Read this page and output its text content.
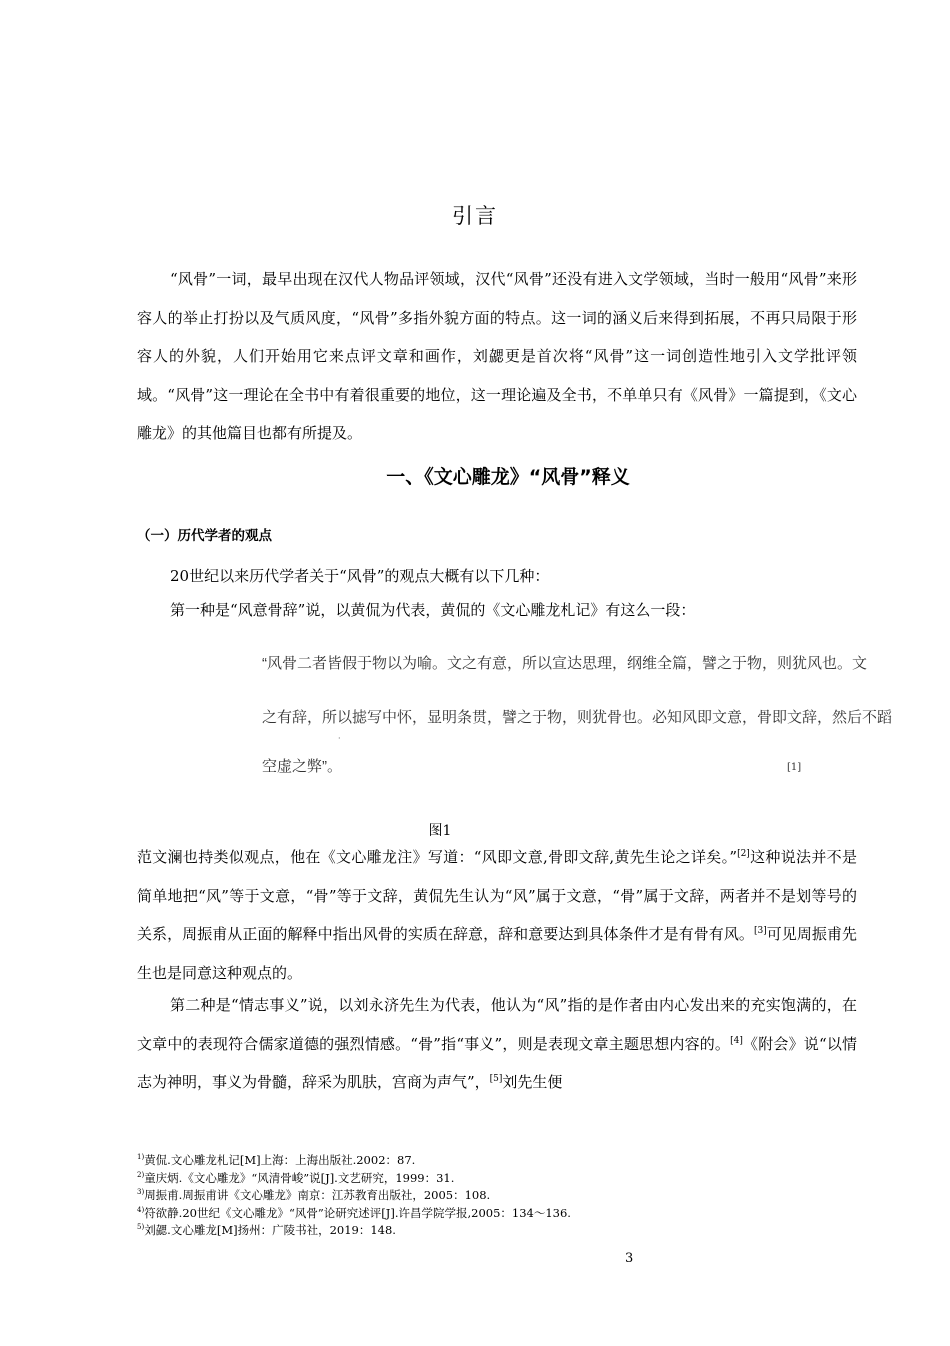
引言
“风骨”一词，最早出现在汉代人物品评领域，汉代“风骨”还没有进入文学领域，当时一般用“风骨”来形容人的举止打扮以及气质风度，“风骨”多指外貌方面的特点。这一词的涵义后来得到拓展，不再只局限于形容人的外貌，人们开始用它来点评文章和画作，刘勰更是首次将“风骨”这一词创造性地引入文学批评领域。“风骨”这一理论在全书中有着很重要的地位，这一理论遍及全书，不单单只有《风骨》一篇提到，《文心雕龙》的其他篇目也都有所提及。
一、《文心雕龙》“风骨”释义
（一）历代学者的观点
20世纪以来历代学者关于“风骨”的观点大概有以下几种：
第一种是“风意骨辞”说，以黄侃为代表，黄侃的《文心雕龙札记》有这么一段：
“风骨二者皆假于物以为喻。文之有意，所以宣达思理，纲维全篇，譬之于物，则犹风也。文
之有辞，所以摅写中怀，显明条贯，譬之于物，则犹骨也。必知风即文意，骨即文辞，然后不蹈
空虚之弊”。
·
[1]
图1
范文澜也持类似观点，他在《文心雕龙注》写道：“风即文意,骨即文辞,黄先生论之详矣。”[2]这种说法并不是简单地把“风”等于文意，“骨”等于文辞，黄侃先生认为“风”属于文意，“骨”属于文辞，两者并不是划等号的关系，周振甫从正面的解释中指出风骨的实质在辞意，辞和意要达到具体条件才是有骨有风。[3]可见周振甫先生也是同意这种观点的。
第二种是“情志事义”说，以刘永济先生为代表，他认为“风”指的是作者由内心发出来的充实饱满的，在文章中的表现符合儒家道德的强烈情感。“骨”指“事义”，则是表现文章主题思想内容的。[4]《附会》说“以情志为神明，事义为骨髓，辞采为肌肤，宫商为声气”，[5]刘先生便
$^{1)}$黄侃.文心雕龙札记[M]上海：上海出版社.2002：87.
$^{2)}$童庆炳.《文心雕龙》“风清骨峻”说[J].文艺研究，1999：31.
$^{3)}$周振甫.周振甫讲《文心雕龙》南京：江苏教育出版社，2005：108.
$^{4)}$符欲静.20世纪《文心雕龙》“风骨”论研究述评[J].许昌学院学报,2005：134～136.
$^{5)}$刘勰.文心雕龙[M]扬州：广陵书社，2019：148.
3
